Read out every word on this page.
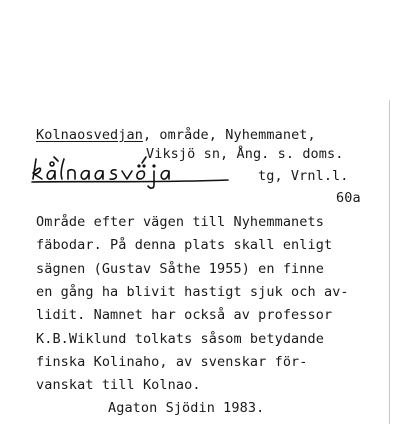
Kolnaosvedjan, område, Nyhemmanet,
Viksjö sn, Ång. s. doms.
tg, Vrnl.l.
60a
Område efter vägen till Nyhemmanets
fäbodar. På denna plats skall enligt
sägnen (Gustav Såthe 1955) en finne
en gång ha blivit hastigt sjuk och av-
lidit. Namnet har också av professor
K.B.Wiklund tolkats såsom betydande
finska Kolinaho, av svenskar för-
vanskat till Kolnao.
Agaton Sjödin 1983.
